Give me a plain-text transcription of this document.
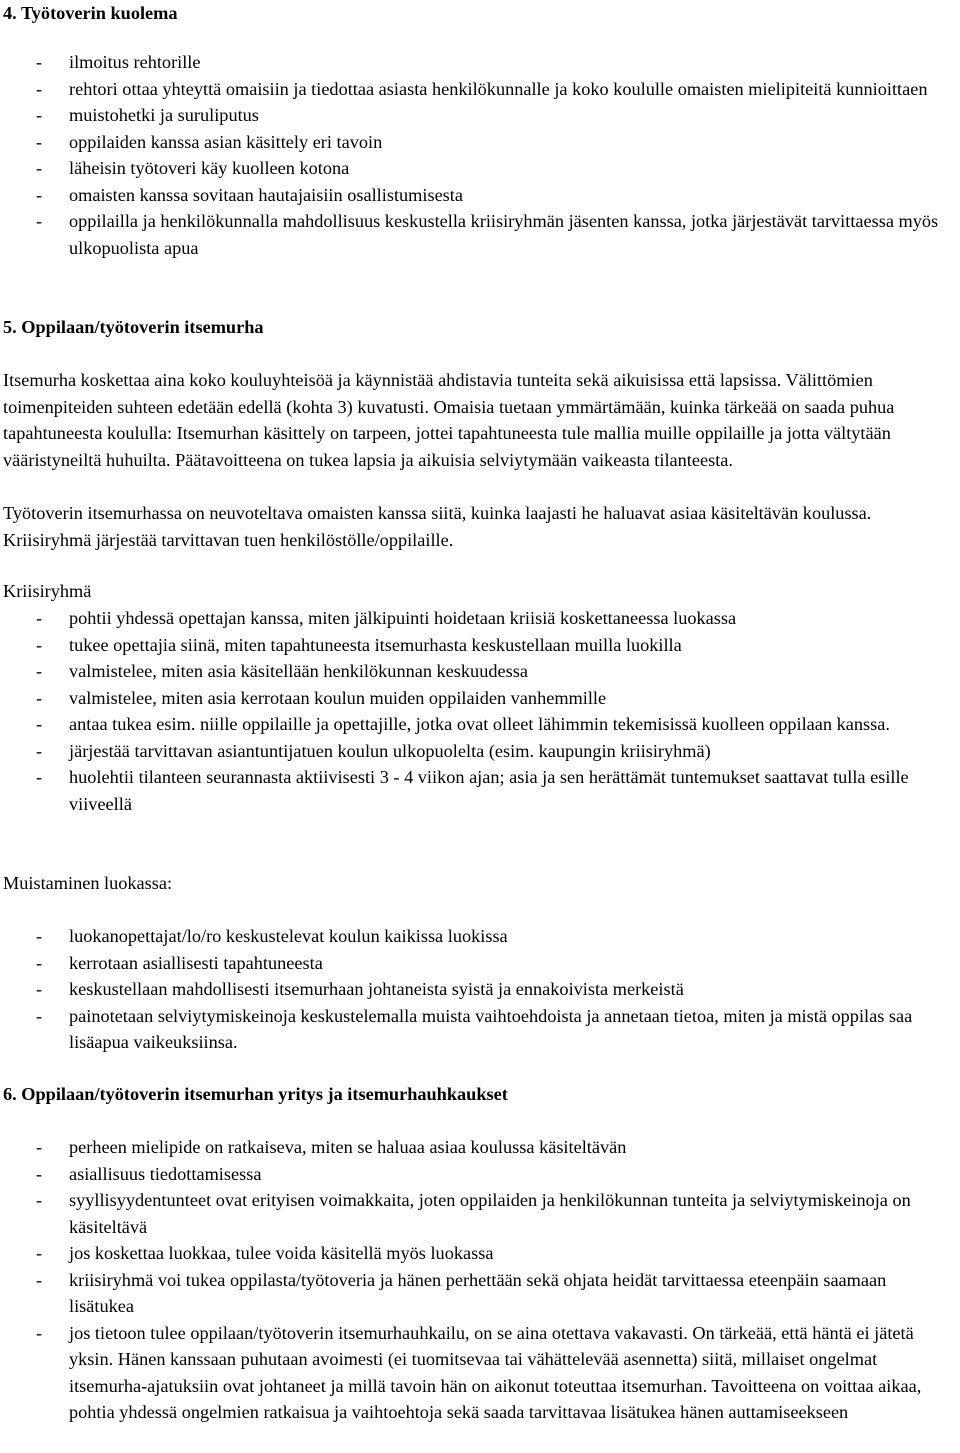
4. Työtoverin kuolema
- ilmoitus rehtorille
- rehtori ottaa yhteyttä omaisiin ja tiedottaa asiasta henkilökunnalle ja koko koululle omaisten mielipiteitä kunnioittaen
- muistohetki ja suruliputus
- oppilaiden kanssa asian käsittely eri tavoin
- läheisin työtoveri käy kuolleen kotona
- omaisten kanssa sovitaan hautajaisiin osallistumisesta
- oppilailla ja henkilökunnalla mahdollisuus keskustella kriisiryhmän jäsenten kanssa, jotka järjestävät tarvittaessa myös ulkopuolista apua
5. Oppilaan/työtoverin itsemurha

Itsemurha koskettaa aina koko kouluyhteisöä ja käynnistää ahdistavia tunteita sekä aikuisissa että lapsissa. Välittömien toimenpiteiden suhteen edetään edellä (kohta 3) kuvatusti. Omaisia tuetaan ymmärtämään, kuinka tärkeää on saada puhua tapahtuneesta koululla: Itsemurhan käsittely on tarpeen, jottei tapahtuneesta tule mallia muille oppilaille ja jotta vältytään vääristyneiltä huhuilta. Päätavoitteena on tukea lapsia ja aikuisia selviytymään vaikeasta tilanteesta.

Työtoverin itsemurhassa on neuvoteltava omaisten kanssa siitä, kuinka laajasti he haluavat asiaa käsiteltävän koulussa. Kriisiryhmä järjestää tarvittavan tuen henkilöstölle/oppilaille.

Kriisiryhmä

- pohtii yhdessä opettajan kanssa, miten jälkipuinti hoidetaan kriisiä koskettaneessa luokassa
- tukee opettajia siinä, miten tapahtuneesta itsemurhasta keskustellaan muilla luokilla
- valmistelee, miten asia käsitellään henkilökunnan keskuudessa
- valmistelee, miten asia kerrotaan koulun muiden oppilaiden vanhemmille
- antaa tukea esim. niille oppilaille ja opettajille, jotka ovat olleet lähimmin tekemisissä kuolleen oppilaan kanssa.
- järjestää tarvittavan asiantuntijatuen koulun ulkopuolelta (esim. kaupungin kriisiryhmä)
- huolehtii tilanteen seurannasta aktiivisesti 3 - 4 viikon ajan; asia ja sen herättämät tuntemukset saattavat tulla esille viiveellä

Muistaminen luokassa:

- luokanopettajat/lo/ro keskustelevat koulun kaikissa luokissa
- kerrotaan asiallisesti tapahtuneesta
- keskustellaan mahdollisesti itsemurhaan johtaneista syistä ja ennakoivista merkeistä
- painotetaan selviytymiskeinoja keskustelemalla muista vaihtoehdoista ja annetaan tietoa, miten ja mistä oppilas saa lisäapua vaikeuksiinsa.
6. Oppilaan/työtoverin itsemurhan yritys ja itsemurhauhkaukset
- perheen mielipide on ratkaiseva, miten se haluaa asiaa koulussa käsiteltävän
- asiallisuus tiedottamisessa
- syyllisyydentunteet ovat erityisen voimakkaita, joten oppilaiden ja henkilökunnan tunteita ja selviytymiskeinoja on käsiteltävä
- jos koskettaa luokkaa, tulee voida käsitellä myös luokassa
- kriisiryhmä voi tukea oppilasta/työtoveria ja hänen perhettään sekä ohjata heidät tarvittaessa eteenpäin saamaan lisätukea
- jos tietoon tulee oppilaan/työtoverin itsemurhauhkailu, on se aina otettava vakavasti. On tärkeää, että häntä ei jätetä yksin. Hänen kanssaan puhutaan avoimesti (ei tuomitsevaa tai vähättelevää asennetta) siitä, millaiset ongelmat itsemurha-ajatuksiin ovat johtaneet ja millä tavoin hän on aikonut toteuttaa itsemurhan. Tavoitteena on voittaa aikaa, pohtia yhdessä ongelmien ratkaisua ja vaihtoehtoja sekä saada tarvittavaa lisätukea hänen auttamiseekseen
